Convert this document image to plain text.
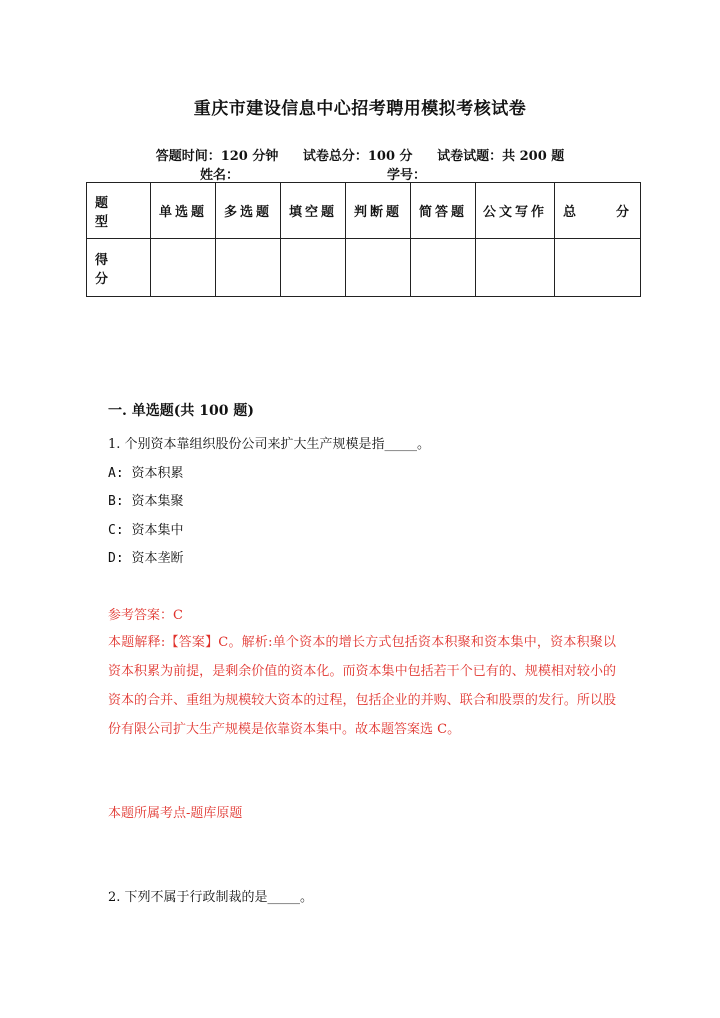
重庆市建设信息中心招考聘用模拟考核试卷
答题时间：120 分钟 试卷总分：100 分 试卷试题：共 200 题
姓名：	学号：
题　型	单选题	多选题	填空题	判断题	简答题	公文写作	总　分
得　分							
一. 单选题(共 100 题)
1. 个别资本靠组织股份公司来扩大生产规模是指_____。
A: 资本积累
B: 资本集聚
C: 资本集中
D: 资本垄断
参考答案：C
本题解释:【答案】C。解析:单个资本的增长方式包括资本积聚和资本集中，资本积聚以资本积累为前提，是剩余价值的资本化。而资本集中包括若干个已有的、规模相对较小的资本的合并、重组为规模较大资本的过程，包括企业的并购、联合和股票的发行。所以股份有限公司扩大生产规模是依靠资本集中。故本题答案选 C。
本题所属考点-题库原题
2. 下列不属于行政制裁的是_____。
